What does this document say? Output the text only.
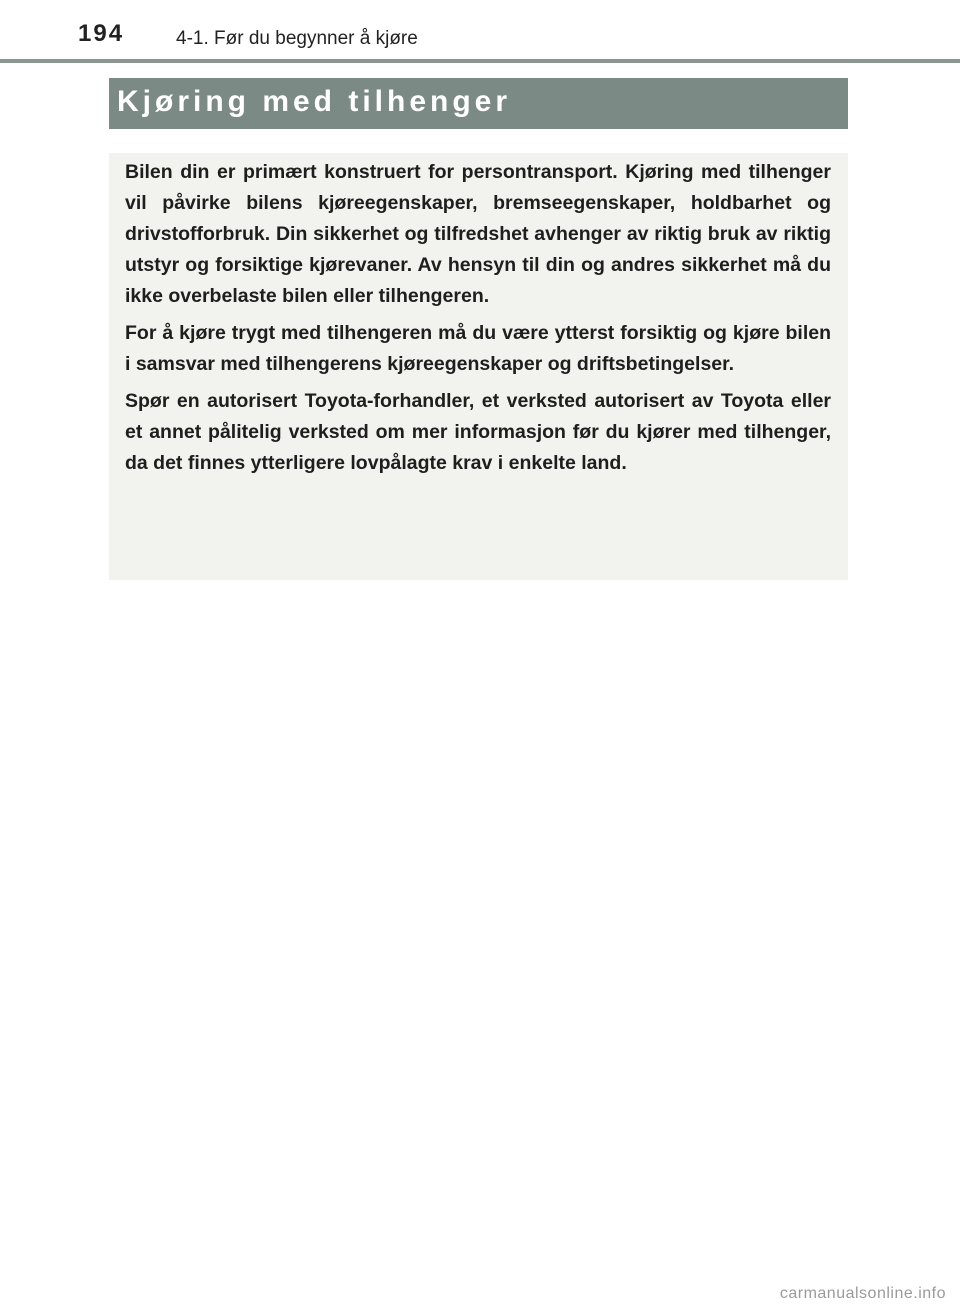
194	4-1. Før du begynner å kjøre
Kjøring med tilhenger

Bilen din er primært konstruert for persontransport. Kjøring med tilhenger vil påvirke bilens kjøreegenskaper, bremseegenskaper, holdbarhet og drivstofforbruk. Din sikkerhet og tilfredshet avhenger av riktig bruk av riktig utstyr og forsiktige kjørevaner. Av hensyn til din og andres sikkerhet må du ikke overbelaste bilen eller tilhengeren.

For å kjøre trygt med tilhengeren må du være ytterst forsiktig og kjøre bilen i samsvar med tilhengerens kjøreegenskaper og driftsbetingelser.

Spør en autorisert Toyota-forhandler, et verksted autorisert av Toyota eller et annet pålitelig verksted om mer informasjon før du kjører med tilhenger, da det finnes ytterligere lovpålagte krav i enkelte land.

carmanualsonline.info
